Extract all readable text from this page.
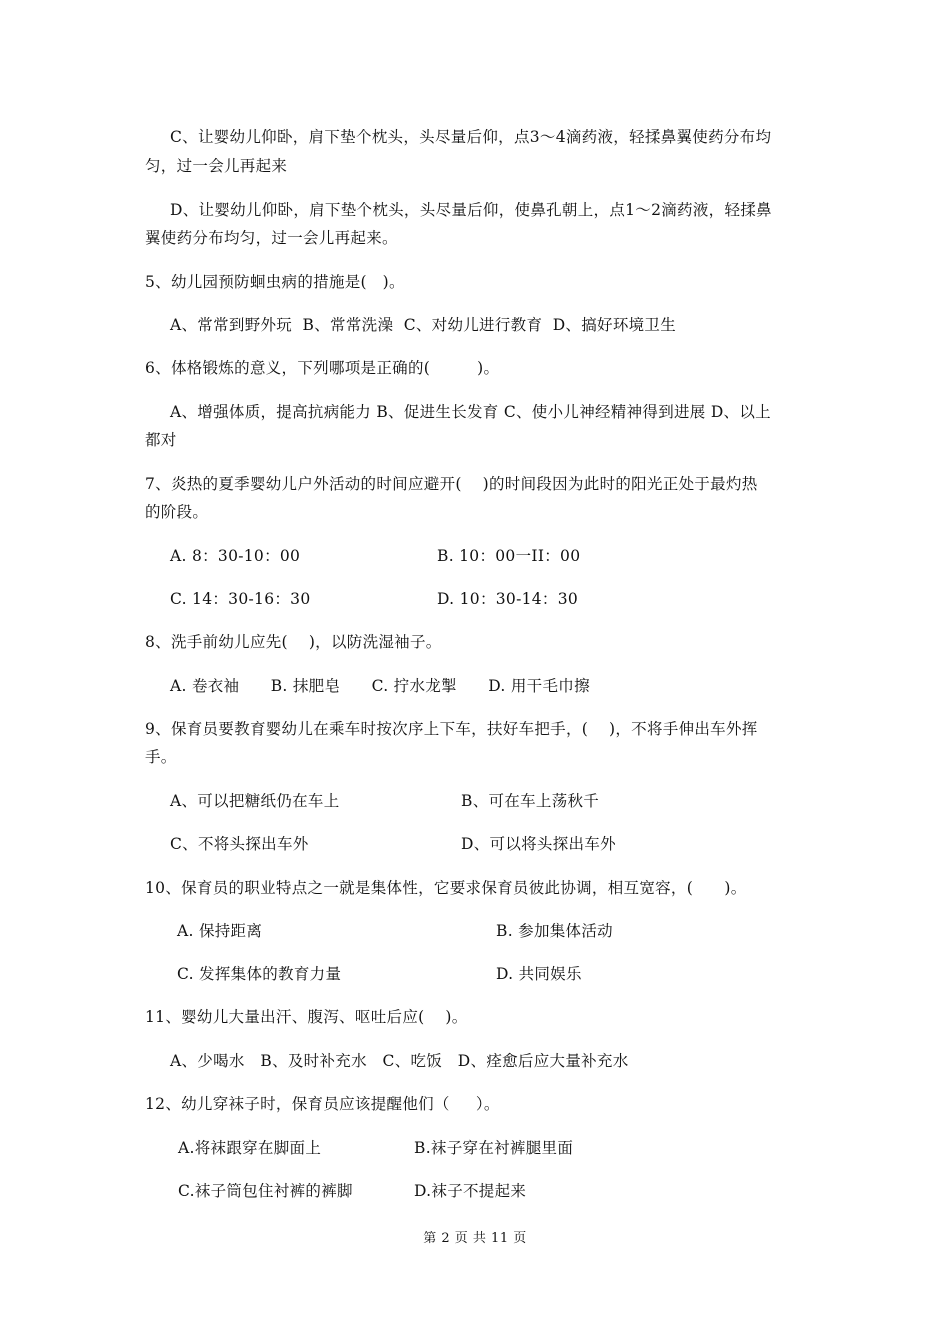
C、让婴幼儿仰卧，肩下垫个枕头，头尽量后仰，点3～4滴药液，轻揉鼻翼使药分布均
匀，过一会儿再起来
D、让婴幼儿仰卧，肩下垫个枕头，头尽量后仰，使鼻孔朝上，点1～2滴药液，轻揉鼻
翼使药分布均匀，过一会儿再起来。
5、幼儿园预防蛔虫病的措施是(   )。
A、常常到野外玩  B、常常洗澡  C、对幼儿进行教育  D、搞好环境卫生
6、体格锻炼的意义，下列哪项是正确的(         )。
A、增强体质，提高抗病能力 B、促进生长发育 C、使小儿神经精神得到进展 D、以上
都对
7、炎热的夏季婴幼儿户外活动的时间应避开(    )的时间段因为此时的阳光正处于最灼热
的阶段。
A. 8：30-10：00	B. 10：00一II：00
C. 14：30-16：30	D. 10：30-14：30
8、洗手前幼儿应先(    )，以防洗湿袖子。
A. 卷衣袖      B. 抹肥皂      C. 拧水龙掣      D. 用干毛巾擦
9、保育员要教育婴幼儿在乘车时按次序上下车，扶好车把手，(    )，不将手伸出车外挥
手。
A、可以把糖纸仍在车上	B、可在车上荡秋千
C、不将头探出车外	D、可以将头探出车外
10、保育员的职业特点之一就是集体性，它要求保育员彼此协调，相互宽容，(      )。
A. 保持距离	B. 参加集体活动
C. 发挥集体的教育力量	D. 共同娱乐
11、婴幼儿大量出汗、腹泻、呕吐后应(    )。
A、少喝水   B、及时补充水   C、吃饭   D、痊愈后应大量补充水
12、幼儿穿袜子时，保育员应该提醒他们（     ）。
A.将袜跟穿在脚面上	B.袜子穿在衬裤腿里面
C.袜子筒包住衬裤的裤脚	D.袜子不提起来
第 2 页 共 11 页
